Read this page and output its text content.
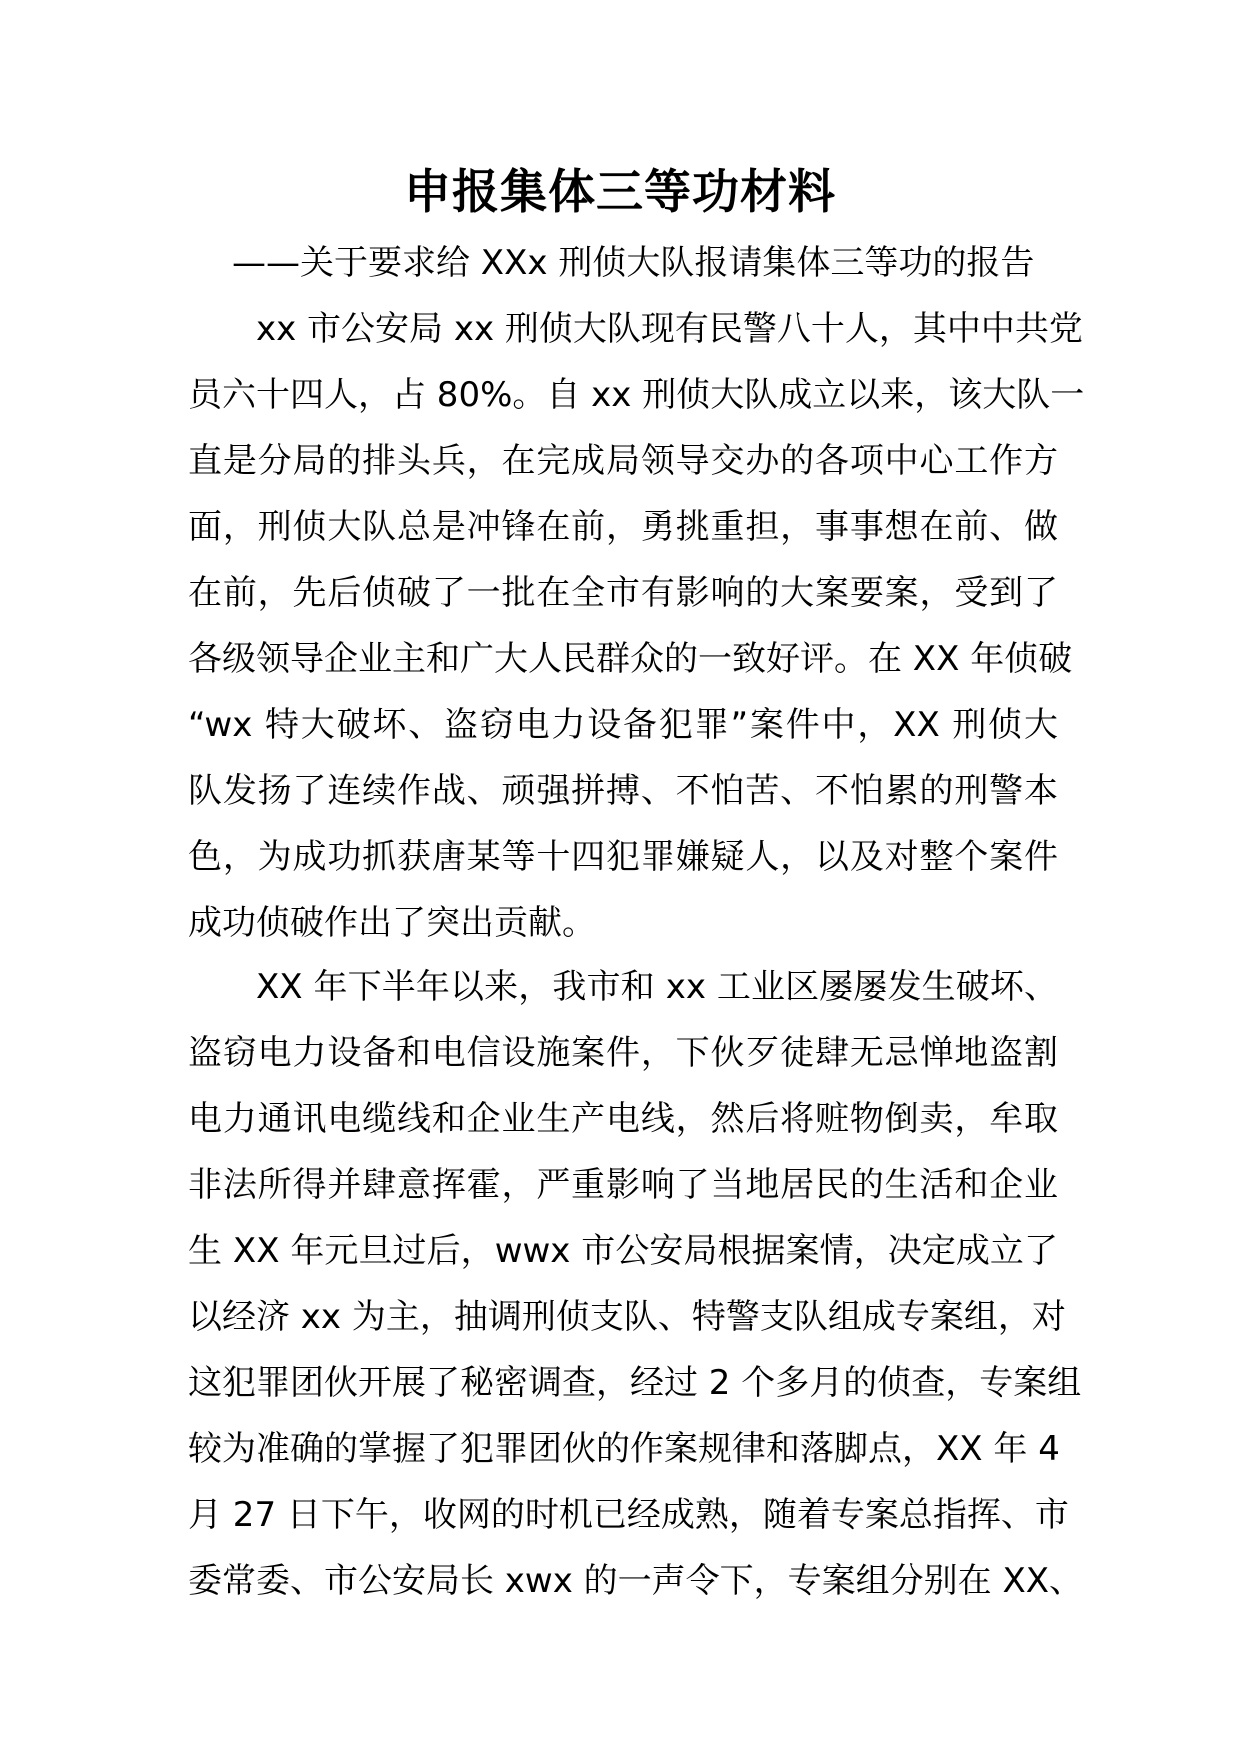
申报集体三等功材料

——关于要求给 XXx 刑侦大队报请集体三等功的报告

xx 市公安局 xx 刑侦大队现有民警八十人，其中中共党
员六十四人，占 80%。自 xx 刑侦大队成立以来，该大队一
直是分局的排头兵，在完成局领导交办的各项中心工作方
面，刑侦大队总是冲锋在前，勇挑重担，事事想在前、做
在前，先后侦破了一批在全市有影响的大案要案，受到了
各级领导企业主和广大人民群众的一致好评。在 XX 年侦破
“wx 特大破坏、盗窃电力设备犯罪”案件中，XX 刑侦大
队发扬了连续作战、顽强拼搏、不怕苦、不怕累的刑警本
色，为成功抓获唐某等十四犯罪嫌疑人，以及对整个案件
成功侦破作出了突出贡献。
XX 年下半年以来，我市和 xx 工业区屡屡发生破坏、
盗窃电力设备和电信设施案件，下伙歹徒肆无忌惮地盗割
电力通讯电缆线和企业生产电线，然后将赃物倒卖，牟取
非法所得并肆意挥霍，严重影响了当地居民的生活和企业
生 XX 年元旦过后，wwx 市公安局根据案情，决定成立了
以经济 xx 为主，抽调刑侦支队、特警支队组成专案组，对
这犯罪团伙开展了秘密调查，经过 2 个多月的侦查，专案组
较为准确的掌握了犯罪团伙的作案规律和落脚点，XX 年 4
月 27 日下午，收网的时机已经成熟，随着专案总指挥、市
委常委、市公安局长 xwx 的一声令下，专案组分别在 XX、
